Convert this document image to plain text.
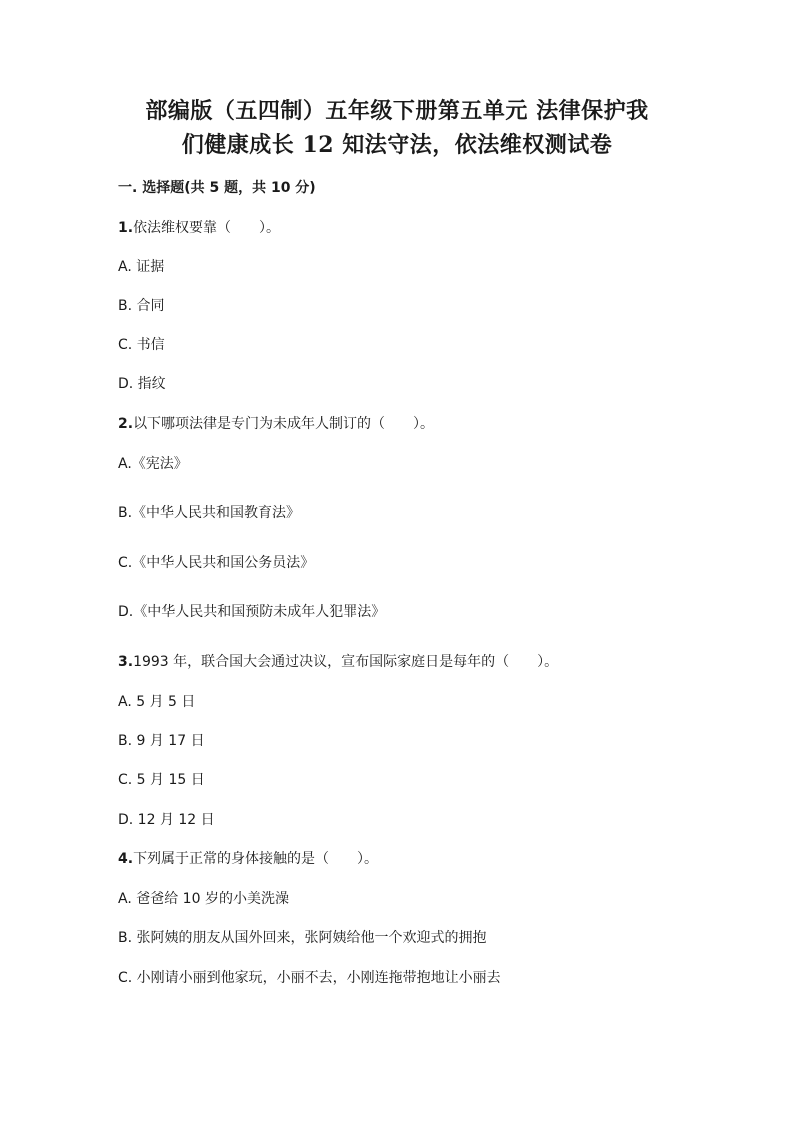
部编版（五四制）五年级下册第五单元 法律保护我
们健康成长 12 知法守法，依法维权测试卷

一. 选择题(共 5 题，共 10 分)

1.依法维权要靠（　　）。

A. 证据

B. 合同

C. 书信

D. 指纹

2.以下哪项法律是专门为未成年人制订的（　　）。

A.《宪法》

B.《中华人民共和国教育法》

C.《中华人民共和国公务员法》

D.《中华人民共和国预防未成年人犯罪法》

3.1993 年，联合国大会通过决议，宣布国际家庭日是每年的（　　）。

A. 5 月 5 日

B. 9 月 17 日

C. 5 月 15 日

D. 12 月 12 日

4.下列属于正常的身体接触的是（　　）。

A. 爸爸给 10 岁的小美洗澡

B. 张阿姨的朋友从国外回来，张阿姨给他一个欢迎式的拥抱

C. 小刚请小丽到他家玩，小丽不去，小刚连拖带抱地让小丽去
